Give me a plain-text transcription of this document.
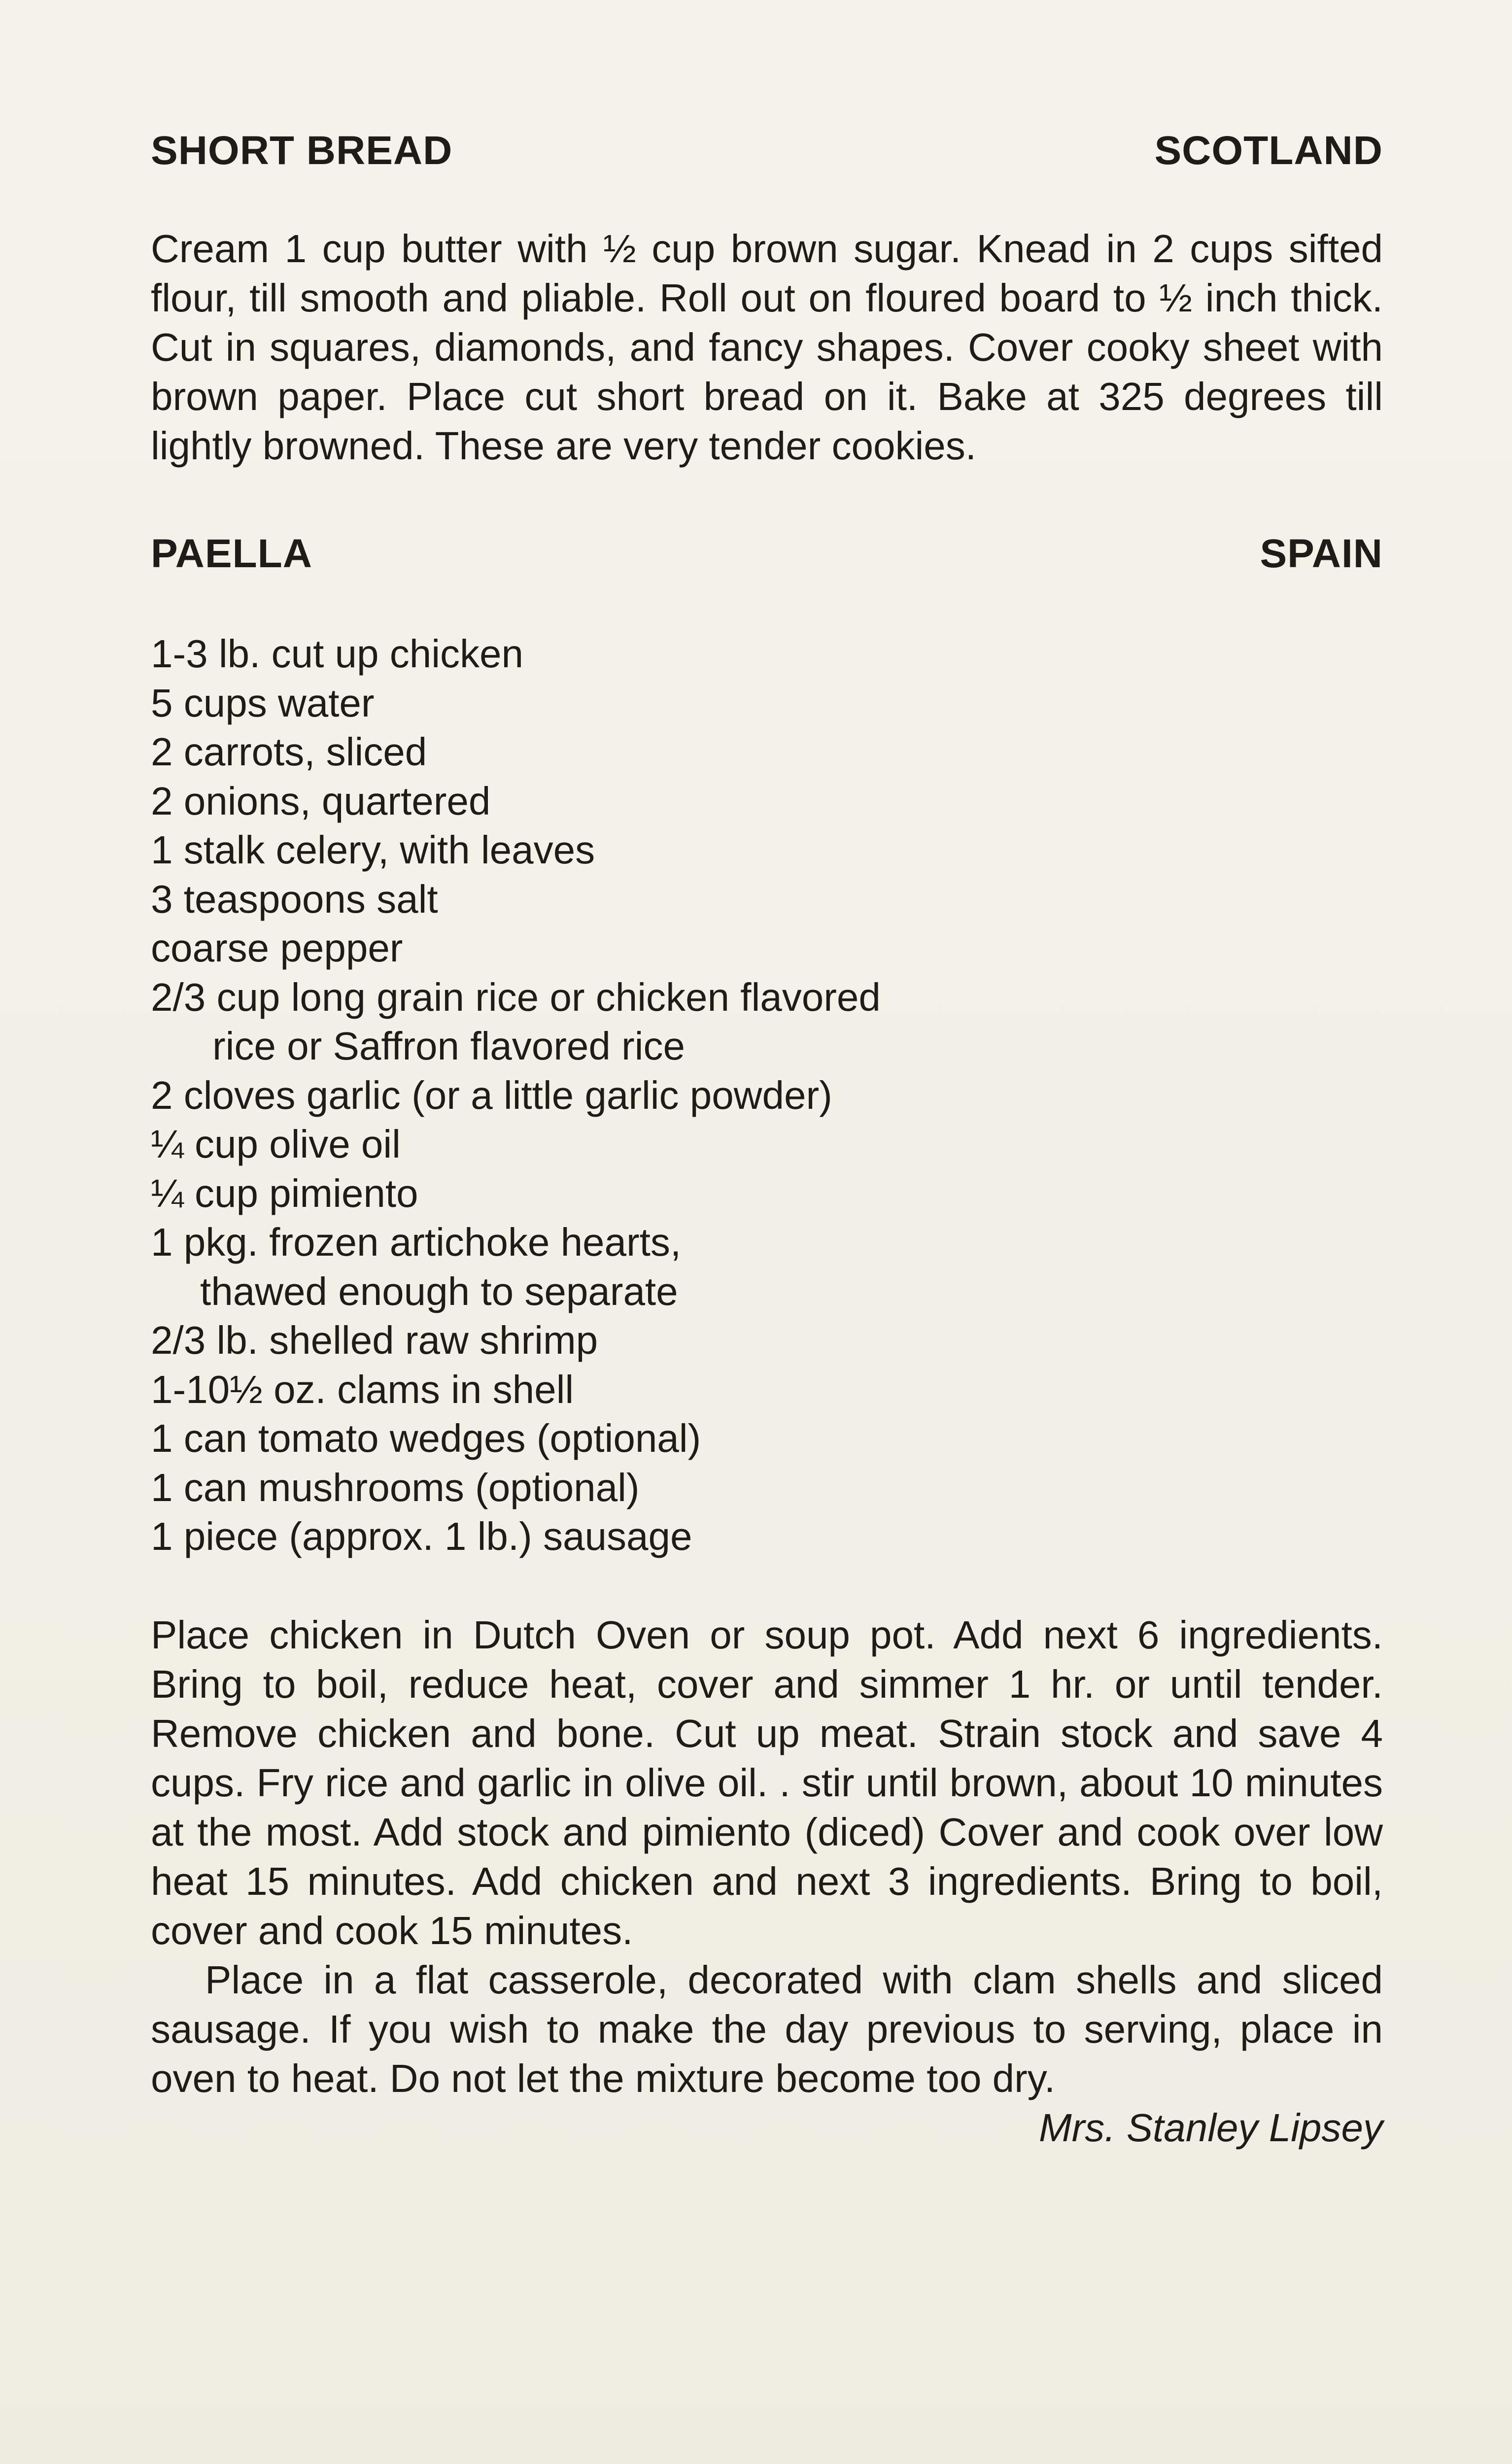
SHORT BREAD	SCOTLAND

Cream 1 cup butter with ½ cup brown sugar. Knead in 2 cups sifted flour, till smooth and pliable. Roll out on floured board to ½ inch thick. Cut in squares, diamonds, and fancy shapes. Cover cooky sheet with brown paper. Place cut short bread on it. Bake at 325 degrees till lightly browned. These are very tender cookies.

PAELLA	SPAIN
1-3 lb. cut up chicken
5 cups water
2 carrots, sliced
2 onions, quartered
1 stalk celery, with leaves
3 teaspoons salt
coarse pepper
2/3 cup long grain rice or chicken flavored
rice or Saffron flavored rice
2 cloves garlic (or a little garlic powder)
¼ cup olive oil
¼ cup pimiento
1 pkg. frozen artichoke hearts,
thawed enough to separate
2/3 lb. shelled raw shrimp
1-10½ oz. clams in shell
1 can tomato wedges (optional)
1 can mushrooms (optional)
1 piece (approx. 1 lb.) sausage

Place chicken in Dutch Oven or soup pot. Add next 6 ingredients. Bring to boil, reduce heat, cover and simmer 1 hr. or until tender. Remove chicken and bone. Cut up meat. Strain stock and save 4 cups. Fry rice and garlic in olive oil. . stir until brown, about 10 minutes at the most. Add stock and pimiento (diced) Cover and cook over low heat 15 minutes. Add chicken and next 3 ingredients. Bring to boil, cover and cook 15 minutes.

Place in a flat casserole, decorated with clam shells and sliced sausage. If you wish to make the day previous to serving, place in oven to heat. Do not let the mixture become too dry.

Mrs. Stanley Lipsey
